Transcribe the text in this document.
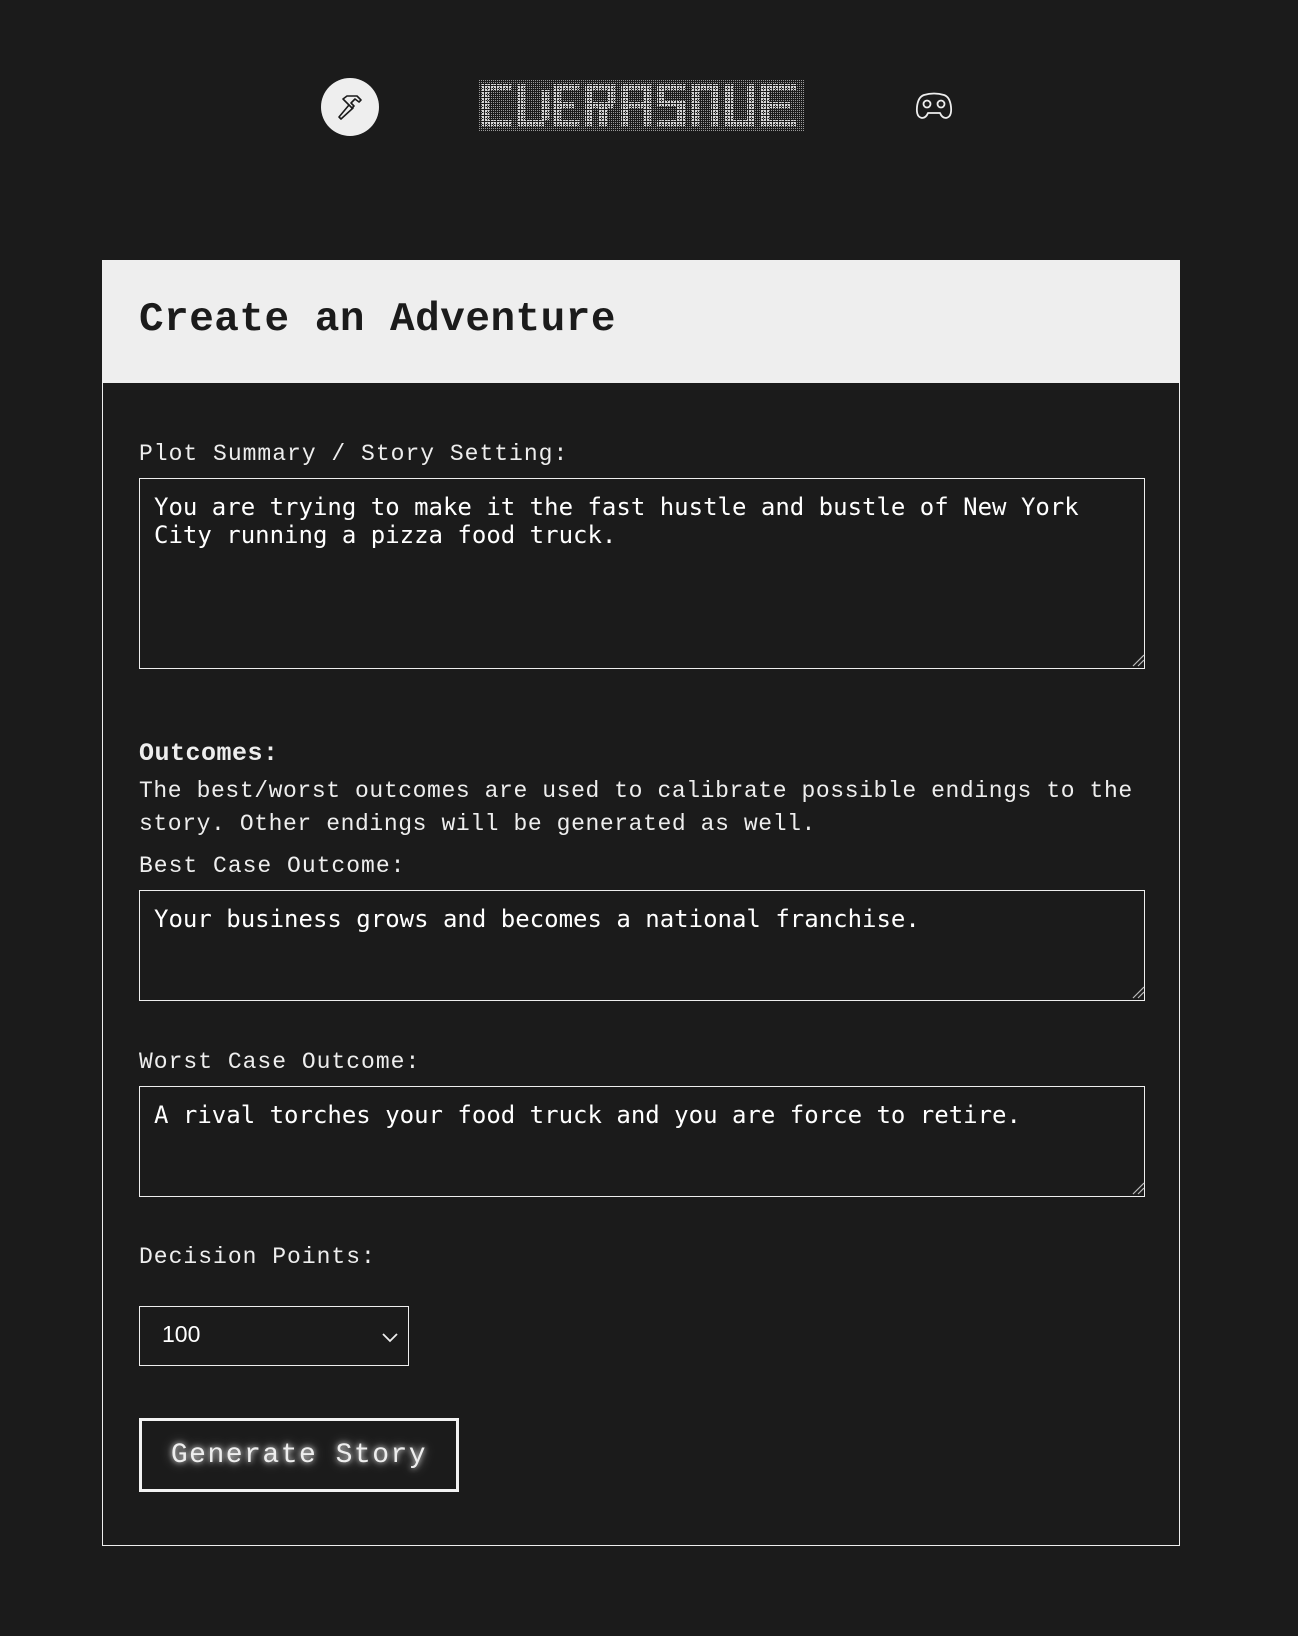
Create an Adventure
Plot Summary / Story Setting:
You are trying to make it the fast hustle and bustle of New York City running a pizza food truck.
Outcomes:
The best/worst outcomes are used to calibrate possible endings to the story. Other endings will be generated as well.
Best Case Outcome:
Your business grows and becomes a national franchise.
Worst Case Outcome:
A rival torches your food truck and you are force to retire.
Decision Points:
100
Generate Story
